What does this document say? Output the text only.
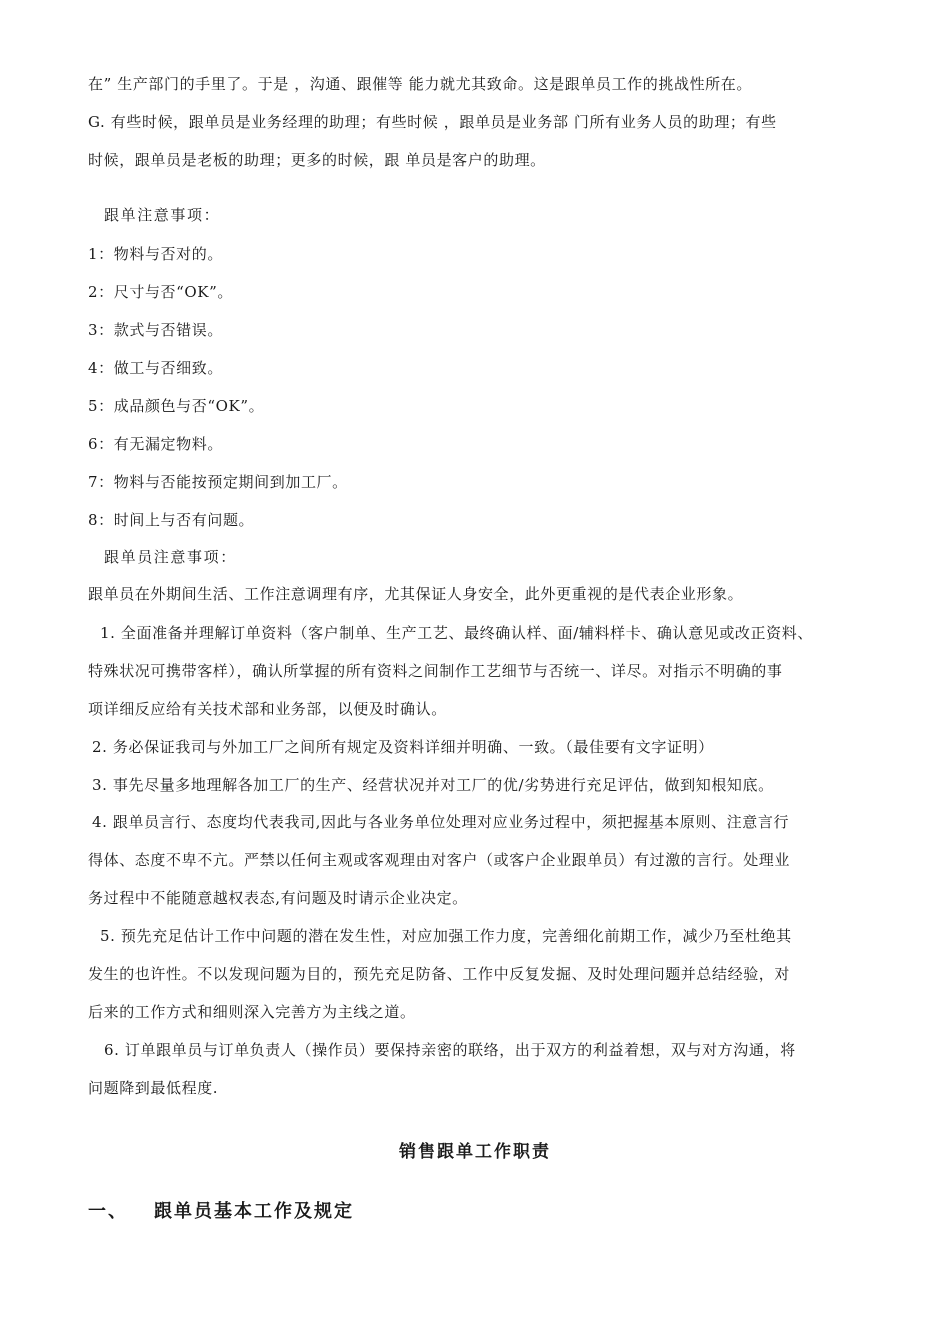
在” 生产部门的手里了。于是 ，沟通、跟催等 能力就尤其致命。这是跟单员工作的挑战性所在。
G. 有些时候，跟单员是业务经理的助理；有些时候 ，跟单员是业务部 门所有业务人员的助理；有些
时候，跟单员是老板的助理；更多的时候，跟 单员是客户的助理。
跟单注意事项：
1：物料与否对的。
2：尺寸与否“OK”。
3：款式与否错误。
4：做工与否细致。
5：成品颜色与否“OK”。
6：有无漏定物料。
7：物料与否能按预定期间到加工厂。
8：时间上与否有问题。
跟单员注意事项：
跟单员在外期间生活、工作注意调理有序，尤其保证人身安全，此外更重视的是代表企业形象。
1. 全面准备并理解订单资料（客户制单、生产工艺、最终确认样、面/辅料样卡、确认意见或改正资料、
特殊状况可携带客样），确认所掌握的所有资料之间制作工艺细节与否统一、详尽。对指示不明确的事
项详细反应给有关技术部和业务部，以便及时确认。
2. 务必保证我司与外加工厂之间所有规定及资料详细并明确、一致。（最佳要有文字证明）
3. 事先尽量多地理解各加工厂的生产、经营状况并对工厂的优/劣势进行充足评估，做到知根知底。
4. 跟单员言行、态度均代表我司,因此与各业务单位处理对应业务过程中，须把握基本原则、注意言行
得体、态度不卑不亢。严禁以任何主观或客观理由对客户（或客户企业跟单员）有过激的言行。处理业
务过程中不能随意越权表态,有问题及时请示企业决定。
5. 预先充足估计工作中问题的潜在发生性，对应加强工作力度，完善细化前期工作，减少乃至杜绝其
发生的也许性。不以发现问题为目的，预先充足防备、工作中反复发掘、及时处理问题并总结经验，对
后来的工作方式和细则深入完善方为主线之道。
6. 订单跟单员与订单负责人（操作员）要保持亲密的联络，出于双方的利益着想，双与对方沟通，将
问题降到最低程度.
销售跟单工作职责
一、 跟单员基本工作及规定
